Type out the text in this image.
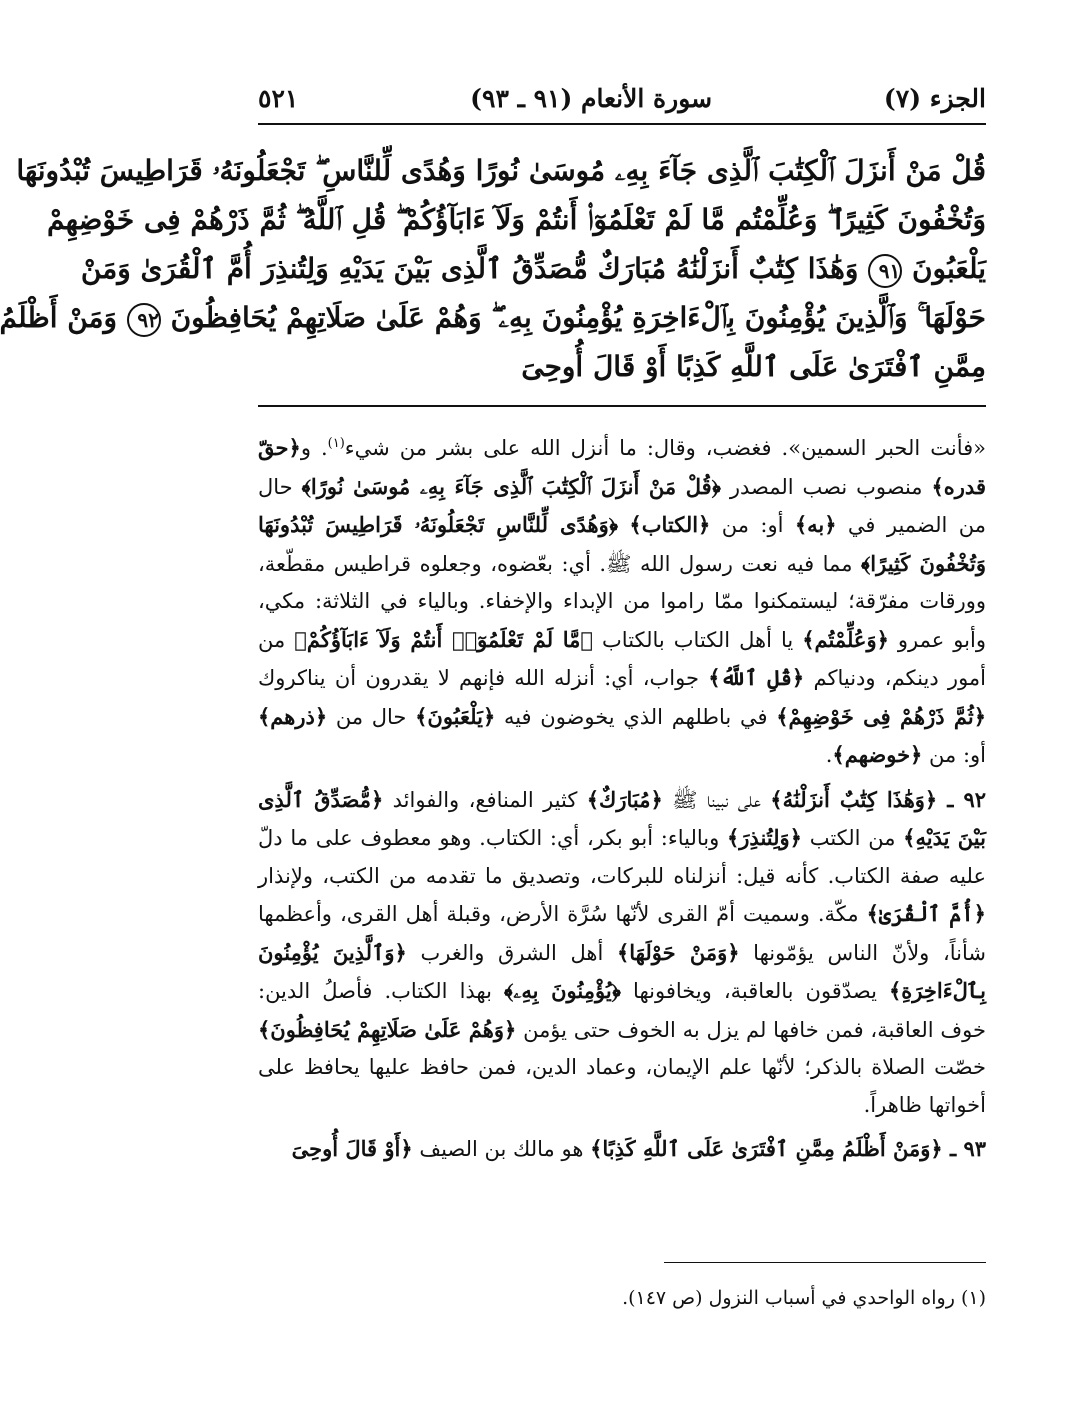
الجزء (٧)
سورة الأنعام (٩١ ـ ٩٣)
٥٢١
قُلْ مَنْ أَنزَلَ ٱلْكِتَٰبَ ٱلَّذِى جَآءَ بِهِۦ مُوسَىٰ نُورًا وَهُدًى لِّلنَّاسِ ۖ تَجْعَلُونَهُۥ قَرَاطِيسَ تُبْدُونَهَا
وَتُخْفُونَ كَثِيرًا ۖ وَعُلِّمْتُم مَّا لَمْ تَعْلَمُوٓا۟ أَنتُمْ وَلَآ ءَابَآؤُكُمْ ۖ قُلِ ٱللَّهُ ۖ ثُمَّ ذَرْهُمْ فِى خَوْضِهِمْ
يَلْعَبُونَ ٩١ وَهَٰذَا كِتَٰبٌ أَنزَلْنَٰهُ مُبَارَكٌ مُّصَدِّقُ ٱلَّذِى بَيْنَ يَدَيْهِ وَلِتُنذِرَ أُمَّ ٱلْقُرَىٰ وَمَنْ
حَوْلَهَا ۚ وَٱلَّذِينَ يُؤْمِنُونَ بِٱلْءَاخِرَةِ يُؤْمِنُونَ بِهِۦ ۖ وَهُمْ عَلَىٰ صَلَاتِهِمْ يُحَافِظُونَ ٩٢ وَمَنْ أَظْلَمُ
مِمَّنِ ٱفْتَرَىٰ عَلَى ٱللَّهِ كَذِبًا أَوْ قَالَ أُوحِىَ

«فأنت الحبر السمين». فغضب، وقال: ما أنزل الله على بشر من شيء$^{(١)}$. و﴿حقّ قدره﴾ منصوب نصب المصدر ﴿قُلْ مَنْ أَنزَلَ ٱلْكِتَٰبَ ٱلَّذِى جَآءَ بِهِۦ مُوسَىٰ نُورًا﴾ حال من الضمير في ﴿به﴾ أو: من ﴿الكتاب﴾ ﴿وَهُدًى لِّلنَّاسِ تَجْعَلُونَهُۥ قَرَاطِيسَ تُبْدُونَهَا وَتُخْفُونَ كَثِيرًا﴾ مما فيه نعت رسول الله ﷺ. أي: بعّضوه، وجعلوه قراطيس مقطّعة، وورقات مفرّقة؛ ليستمكنوا ممّا راموا من الإبداء والإخفاء. وبالياء في الثلاثة: مكي، وأبو عمرو ﴿وَعُلِّمْتُم﴾ يا أهل الكتاب بالكتاب ﴿مَّا لَمْ تَعْلَمُوٓا۟ أَنتُمْ وَلَآ ءَابَآؤُكُمْ﴾ من أمور دينكم، ودنياكم ﴿قُلِ ٱللَّهُ﴾ جواب، أي: أنزله الله فإنهم لا يقدرون أن يناكروك ﴿ثُمَّ ذَرْهُمْ فِى خَوْضِهِمْ﴾ في باطلهم الذي يخوضون فيه ﴿يَلْعَبُونَ﴾ حال من ﴿ذرهم﴾ أو: من ﴿خوضهم﴾.

٩٢ ـ ﴿وَهَٰذَا كِتَٰبٌ أَنزَلْنَٰهُ﴾ على نبينا ﷺ ﴿مُبَارَكٌ﴾ كثير المنافع، والفوائد ﴿مُّصَدِّقُ ٱلَّذِى بَيْنَ يَدَيْهِ﴾ من الكتب ﴿وَلِتُنذِرَ﴾ وبالياء: أبو بكر، أي: الكتاب. وهو معطوف على ما دلّ عليه صفة الكتاب. كأنه قيل: أنزلناه للبركات، وتصديق ما تقدمه من الكتب، ولإنذار ﴿أُمَّ ٱلْقُرَىٰ﴾ مكّة. وسميت أمّ القرى لأنّها سُرَّة الأرض، وقبلة أهل القرى، وأعظمها شأناً، ولأنّ الناس يؤمّونها ﴿وَمَنْ حَوْلَهَا﴾ أهل الشرق والغرب ﴿وَٱلَّذِينَ يُؤْمِنُونَ بِٱلْءَاخِرَةِ﴾ يصدّقون بالعاقبة، ويخافونها ﴿يُؤْمِنُونَ بِهِۦ﴾ بهذا الكتاب. فأصلُ الدين: خوف العاقبة، فمن خافها لم يزل به الخوف حتى يؤمن ﴿وَهُمْ عَلَىٰ صَلَاتِهِمْ يُحَافِظُونَ﴾ خصّت الصلاة بالذكر؛ لأنّها علم الإيمان، وعماد الدين، فمن حافظ عليها يحافظ على أخواتها ظاهراً.

٩٣ ـ ﴿وَمَنْ أَظْلَمُ مِمَّنِ ٱفْتَرَىٰ عَلَى ٱللَّهِ كَذِبًا﴾ هو مالك بن الصيف ﴿أَوْ قَالَ أُوحِىَ

(١) رواه الواحدي في أسباب النزول (ص ١٤٧).
